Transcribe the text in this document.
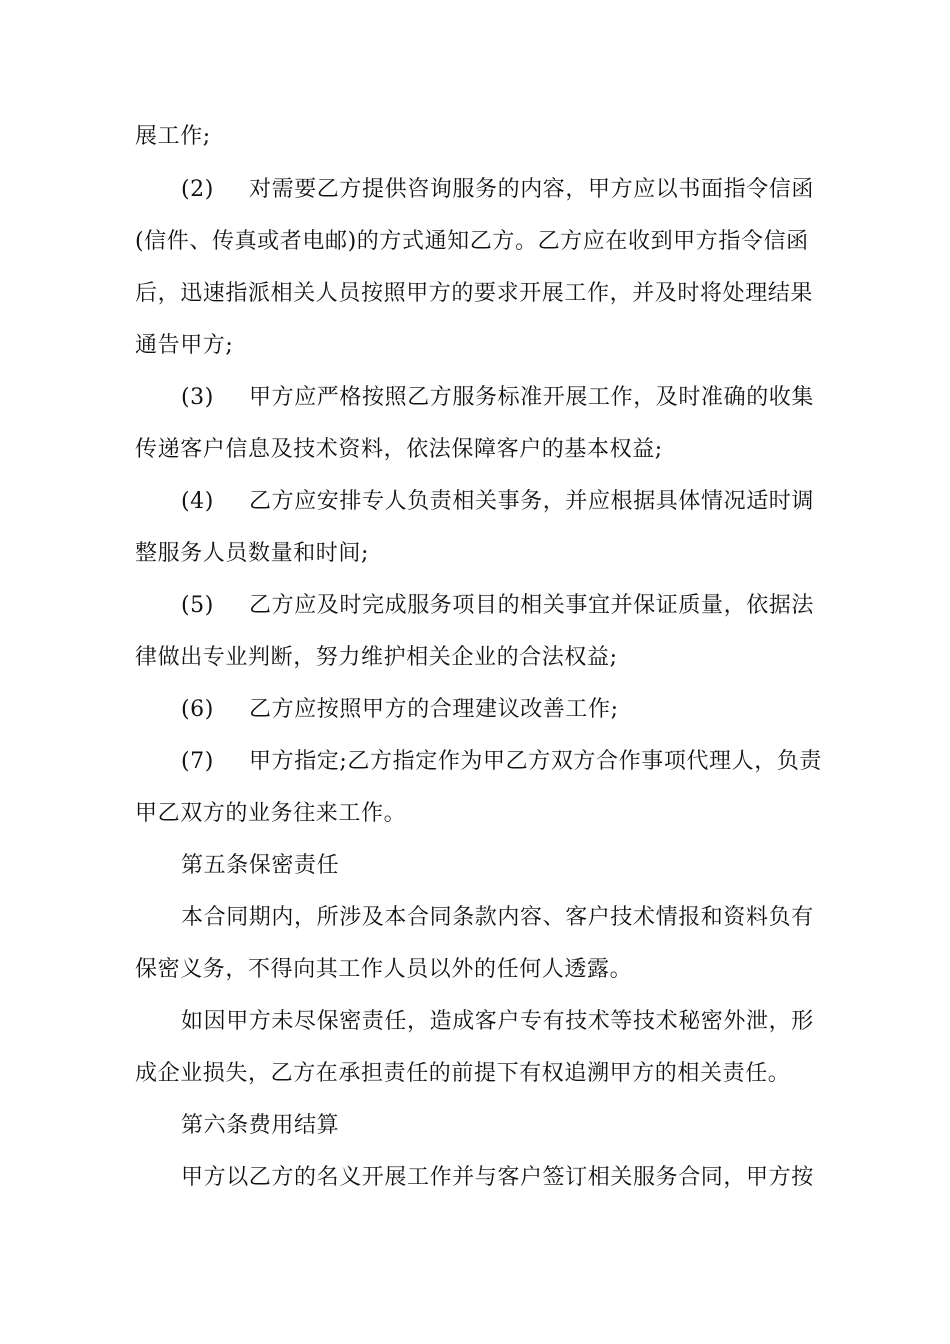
展工作;
(2) 对需要乙方提供咨询服务的内容，甲方应以书面指令信函
(信件、传真或者电邮)的方式通知乙方。乙方应在收到甲方指令信函
后，迅速指派相关人员按照甲方的要求开展工作，并及时将处理结果
通告甲方;
(3) 甲方应严格按照乙方服务标准开展工作，及时准确的收集
传递客户信息及技术资料，依法保障客户的基本权益;
(4) 乙方应安排专人负责相关事务，并应根据具体情况适时调
整服务人员数量和时间;
(5) 乙方应及时完成服务项目的相关事宜并保证质量，依据法
律做出专业判断，努力维护相关企业的合法权益;
(6) 乙方应按照甲方的合理建议改善工作;
(7) 甲方指定;乙方指定作为甲乙方双方合作事项代理人，负责
甲乙双方的业务往来工作。
第五条保密责任
本合同期内，所涉及本合同条款内容、客户技术情报和资料负有
保密义务，不得向其工作人员以外的任何人透露。
如因甲方未尽保密责任，造成客户专有技术等技术秘密外泄，形
成企业损失，乙方在承担责任的前提下有权追溯甲方的相关责任。
第六条费用结算
甲方以乙方的名义开展工作并与客户签订相关服务合同，甲方按
